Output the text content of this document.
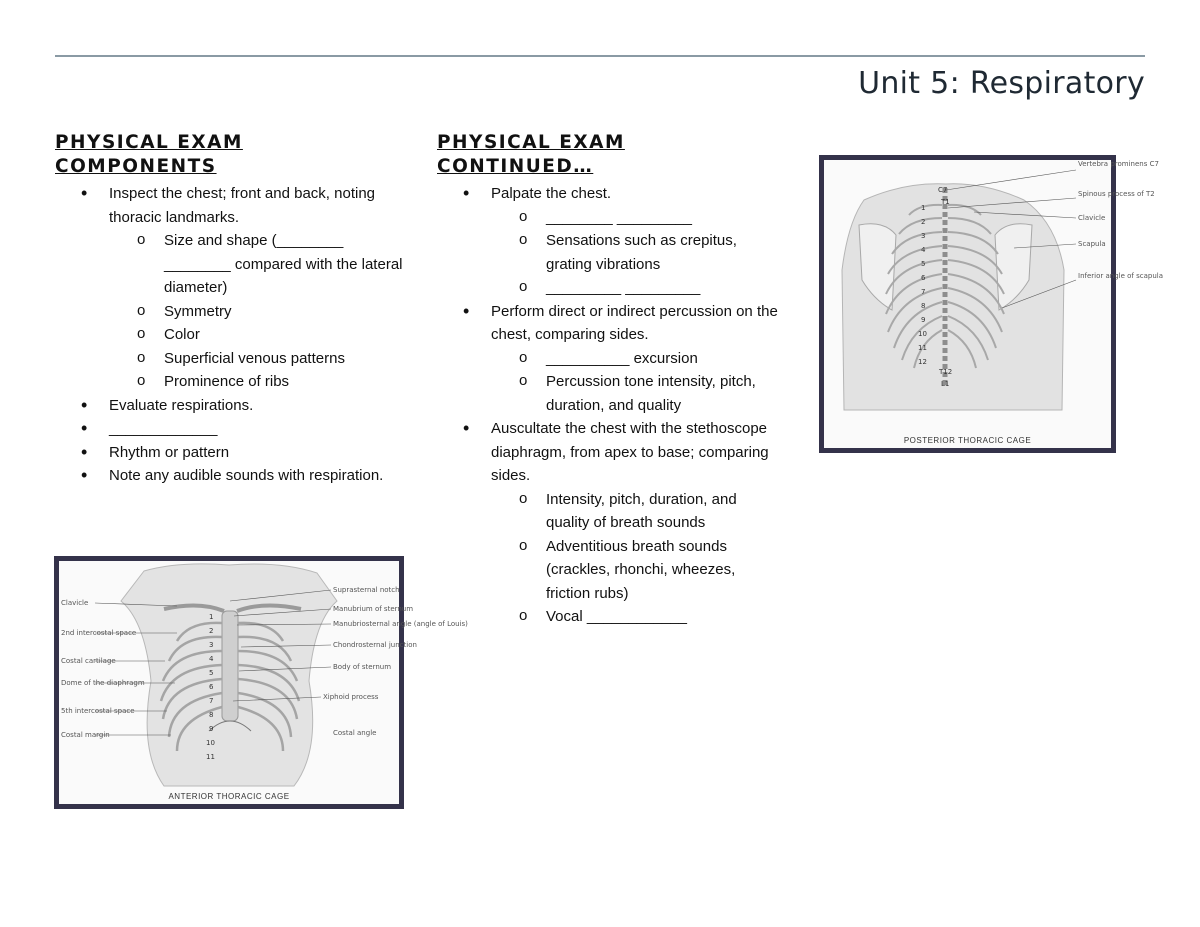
Unit 5: Respiratory
PHYSICAL EXAM
COMPONENTS
• Inspect the chest; front and back, noting thoracic landmarks.
o Size and shape (________ ________ compared with the lateral diameter)
o Symmetry
o Color
o Superficial venous patterns
o Prominence of ribs
• Evaluate respirations.
• _____________
• Rhythm or pattern
• Note any audible sounds with respiration.
PHYSICAL EXAM
CONTINUED…
• Palpate the chest.
o ________ _________
o Sensations such as crepitus, grating vibrations
o _________ _________
• Perform direct or indirect percussion on the chest, comparing sides.
o __________ excursion
o Percussion tone intensity, pitch, duration, and quality
• Auscultate the chest with the stethoscope diaphragm, from apex to base; comparing sides.
o Intensity, pitch, duration, and quality of breath sounds
o Adventitious breath sounds (crackles, rhonchi, wheezes, friction rubs)
o Vocal ____________
Clavicle
2nd intercostal space
Costal cartilage
Dome of the diaphragm
5th intercostal space
Costal margin
Suprasternal notch
Manubrium of sternum
Manubriosternal angle (angle of Louis)
Chondrosternal junction
Body of sternum
Xiphoid process
Costal angle
1
2
3
4
5
6
7
8
9
10
11
ANTERIOR THORACIC CAGE
Vertebra prominens C7
Spinous process of T2
Clavicle
Scapula
Inferior angle of scapula
C7
T1
T12
L1
1
2
3
4
5
6
7
8
9
10
11
12
POSTERIOR THORACIC CAGE
